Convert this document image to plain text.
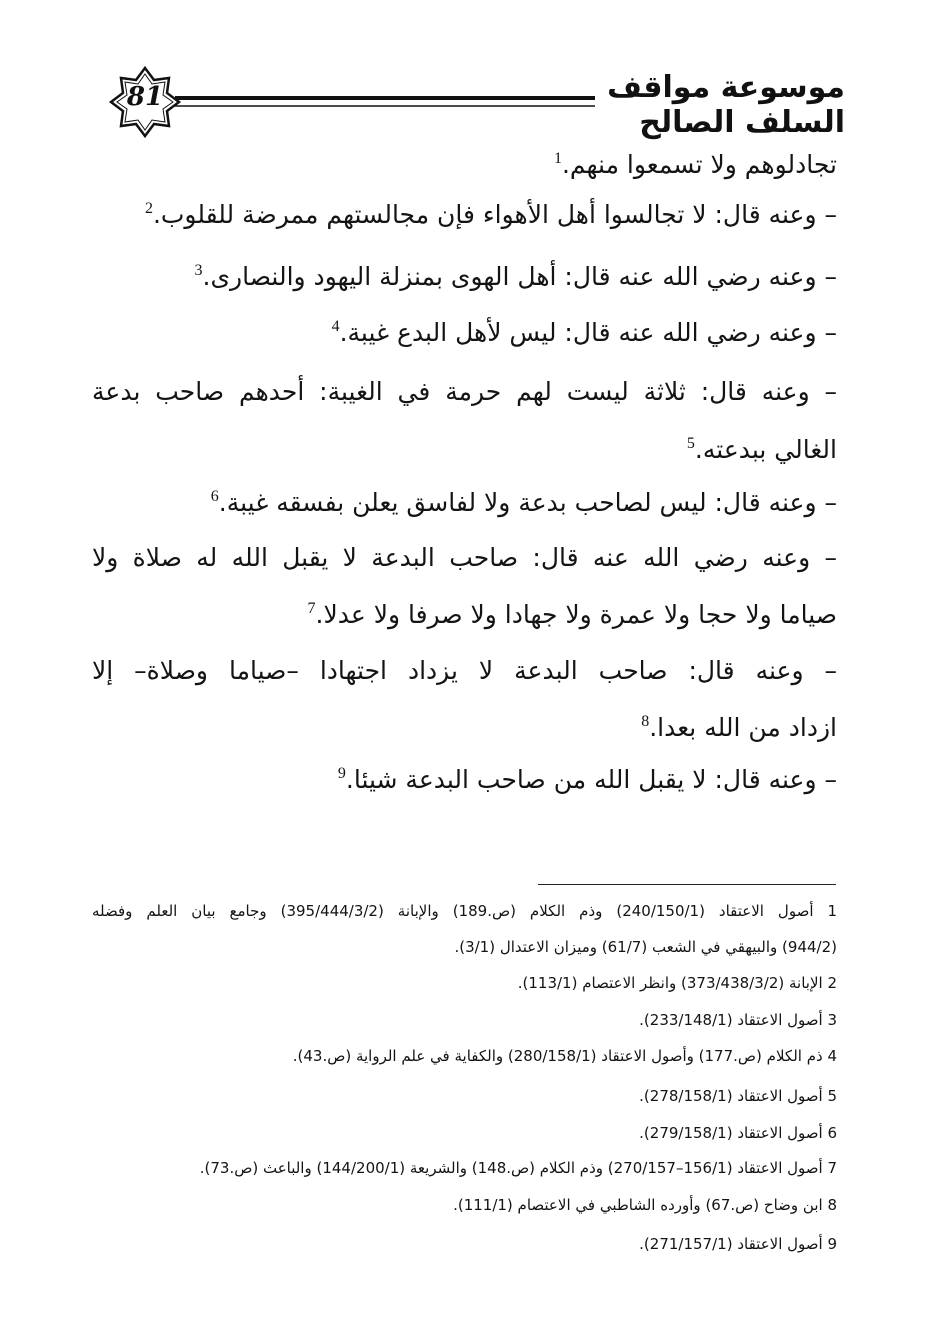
81	موسوعة مواقف السلف الصالح
تجادلوهم ولا تسمعوا منهم.$^1$
– وعنه قال: لا تجالسوا أهل الأهواء فإن مجالستهم ممرضة للقلوب.$^2$
– وعنه رضي الله عنه قال: أهل الهوى بمنزلة اليهود والنصارى.$^3$
– وعنه رضي الله عنه قال: ليس لأهل البدع غيبة.$^4$
– وعنه قال: ثلاثة ليست لهم حرمة في الغيبة: أحدهم صاحب بدعة
الغالي ببدعته.$^5$
– وعنه قال: ليس لصاحب بدعة ولا لفاسق يعلن بفسقه غيبة.$^6$
– وعنه رضي الله عنه قال: صاحب البدعة لا يقبل الله له صلاة ولا
صياما ولا حجا ولا عمرة ولا جهادا ولا صرفا ولا عدلا.$^7$
– وعنه قال: صاحب البدعة لا يزداد اجتهادا –صياما وصلاة– إلا
ازداد من الله بعدا.$^8$
– وعنه قال: لا يقبل الله من صاحب البدعة شيئا.$^9$
1 أصول الاعتقاد (240/150/1) وذم الكلام (ص.189) والإبانة (395/444/3/2) وجامع بيان العلم وفضله
(944/2) والبيهقي في الشعب (61/7) وميزان الاعتدال (3/1).
2 الإبانة (373/438/3/2) وانظر الاعتصام (113/1).
3 أصول الاعتقاد (233/148/1).
4 ذم الكلام (ص.177) وأصول الاعتقاد (280/158/1) والكفاية في علم الرواية (ص.43).
5 أصول الاعتقاد (278/158/1).
6 أصول الاعتقاد (279/158/1).
7 أصول الاعتقاد (156/1–270/157) وذم الكلام (ص.148) والشريعة (144/200/1) والباعث (ص.73).
8 ابن وضاح (ص.67) وأورده الشاطبي في الاعتصام (111/1).
9 أصول الاعتقاد (271/157/1).
